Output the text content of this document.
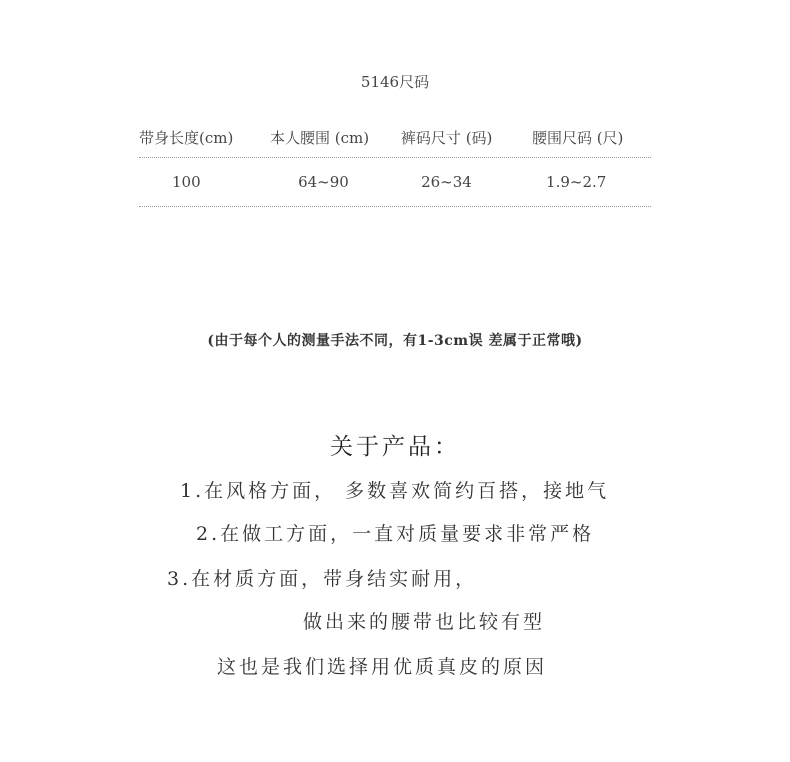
5146尺码
带身长度(cm)	本人腰围 (cm)	裤码尺寸 (码)	腰围尺码 (尺)
100	64~90	26~34	1.9~2.7
(由于每个人的测量手法不同，有1-3cm误 差属于正常哦)
关于产品：
1.在风格方面， 多数喜欢简约百搭，接地气
2.在做工方面，一直对质量要求非常严格
3.在材质方面，带身结实耐用，
做出来的腰带也比较有型
这也是我们选择用优质真皮的原因
